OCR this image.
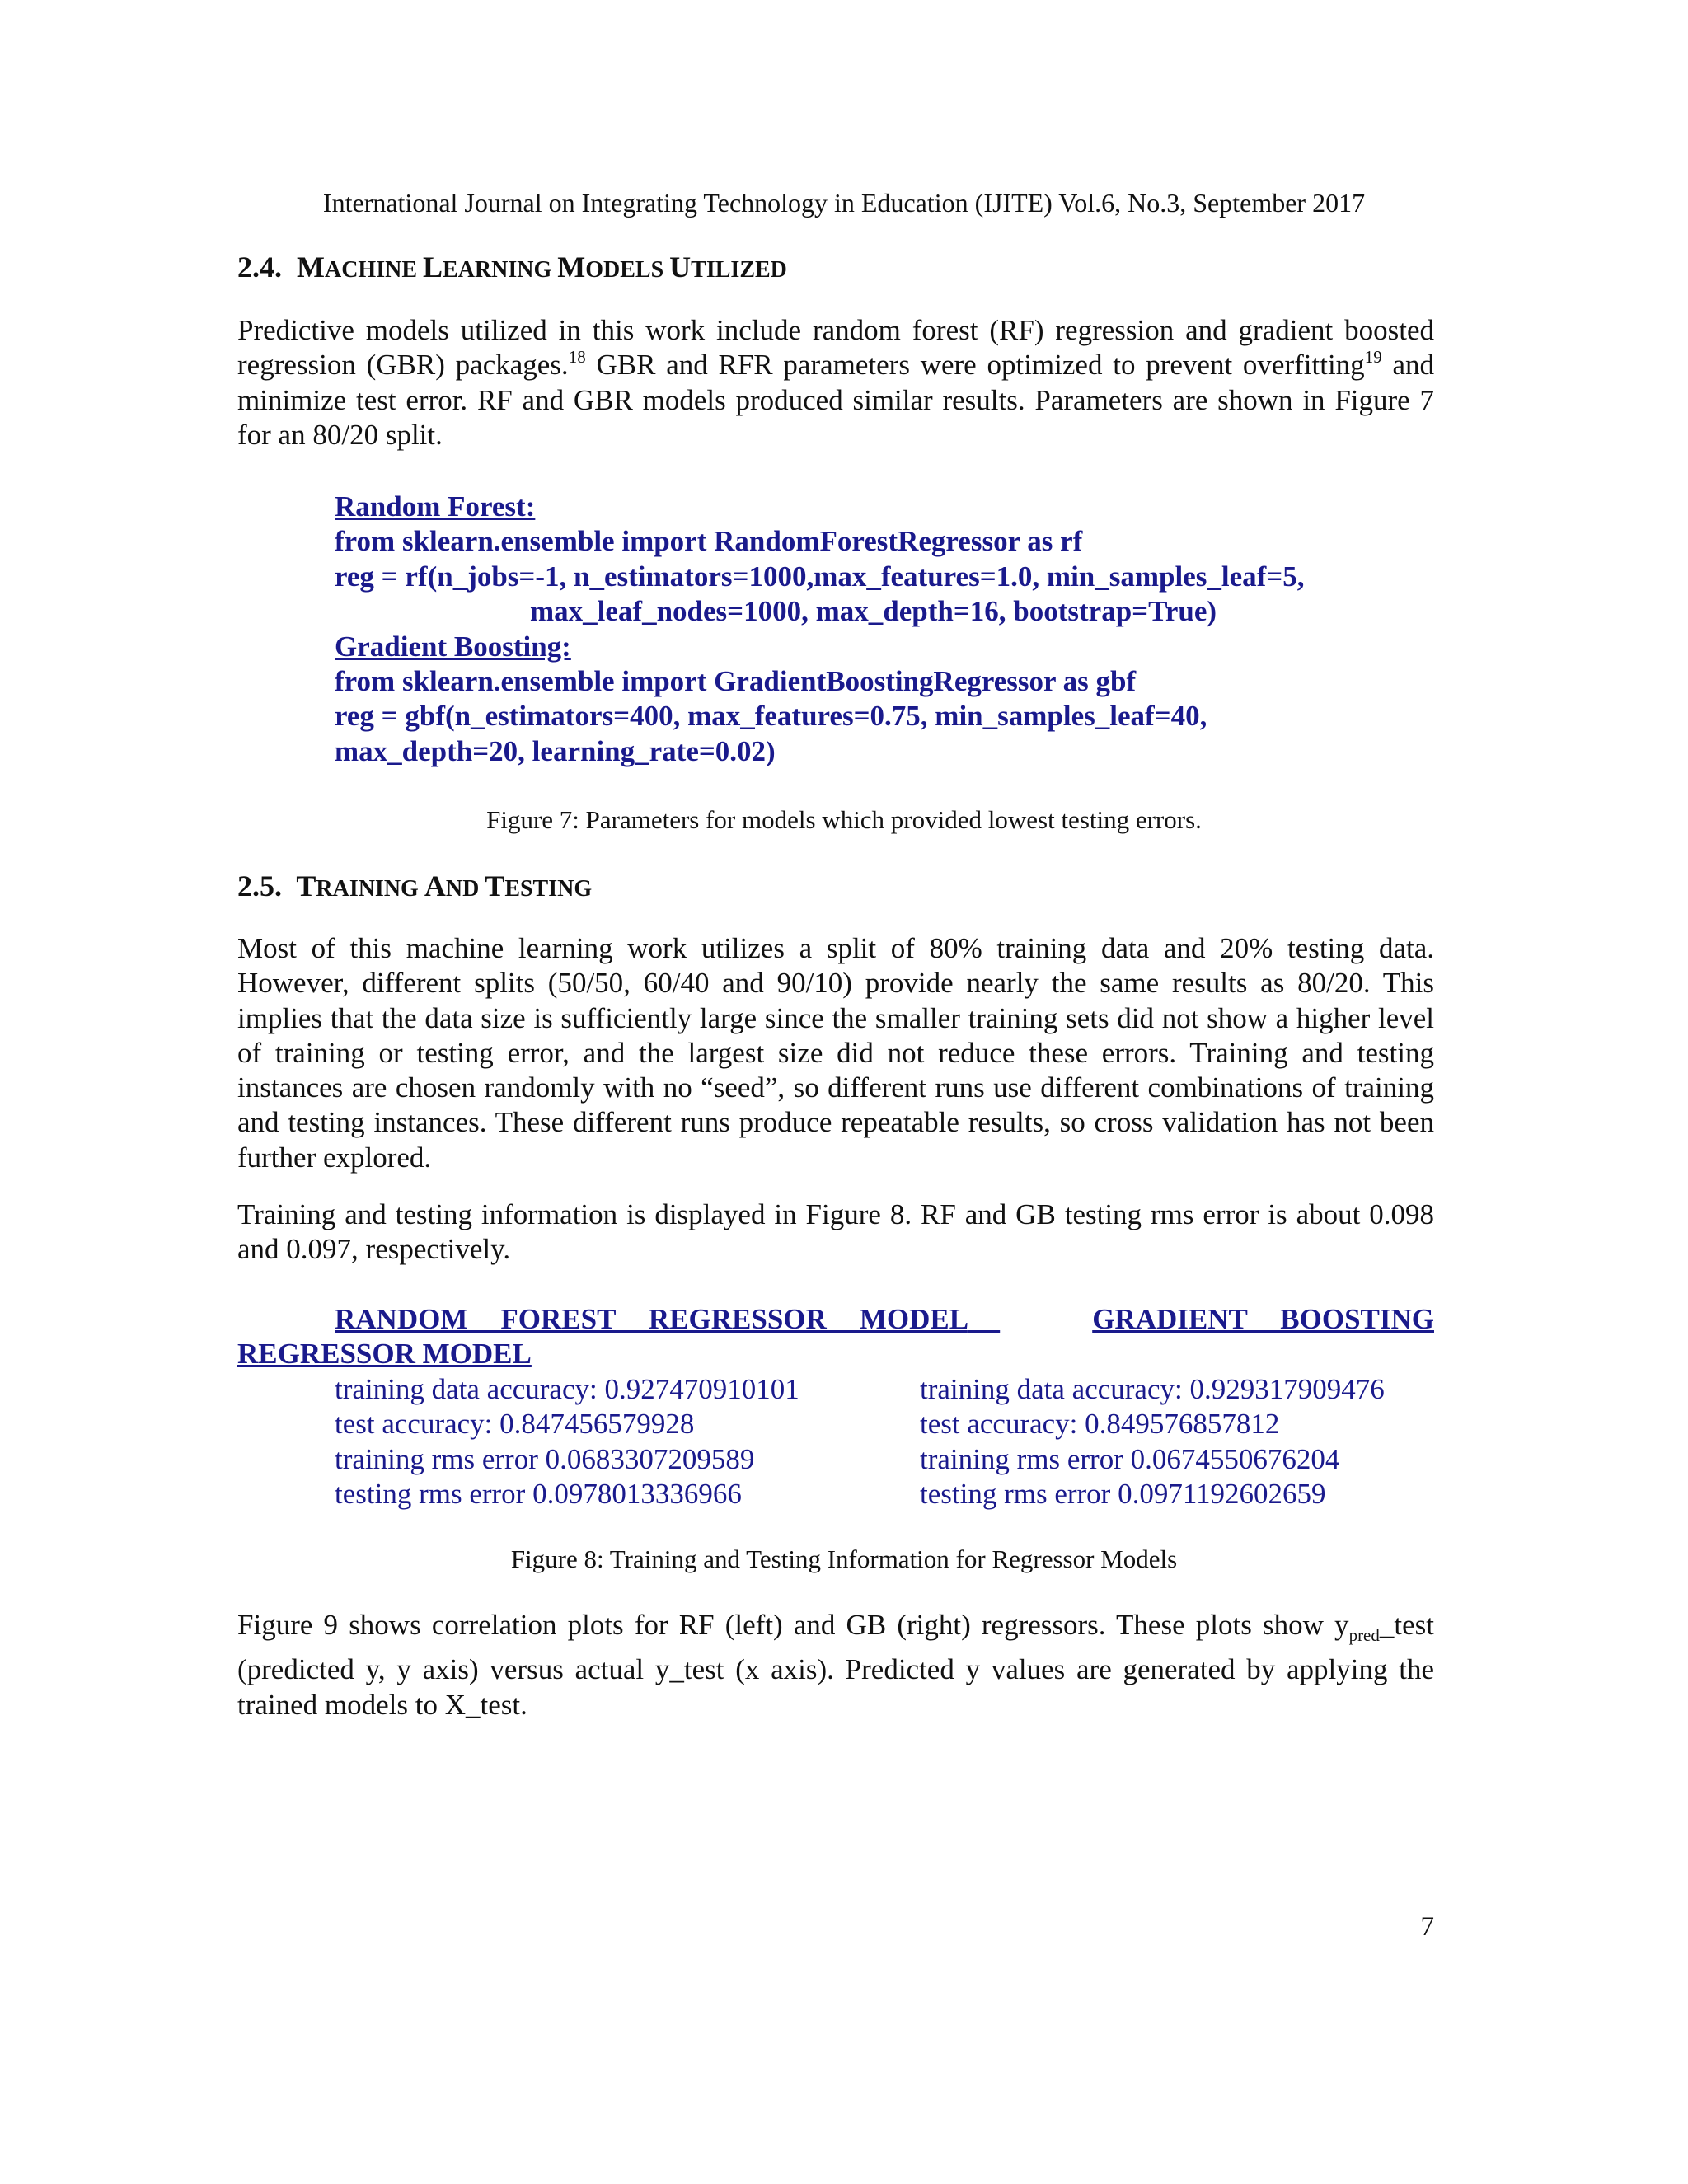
International Journal on Integrating Technology in Education (IJITE) Vol.6, No.3, September 2017
2.4. MACHINE LEARNING MODELS UTILIZED
Predictive models utilized in this work include random forest (RF) regression and gradient boosted regression (GBR) packages.$^{18}$ GBR and RFR parameters were optimized to prevent overfitting$^{19}$ and minimize test error. RF and GBR models produced similar results. Parameters are shown in Figure 7 for an 80/20 split.
Random Forest:
from sklearn.ensemble import RandomForestRegressor as rf
reg = rf(n_jobs=-1, n_estimators=1000,max_features=1.0, min_samples_leaf=5,
max_leaf_nodes=1000, max_depth=16, bootstrap=True)
Gradient Boosting:
from sklearn.ensemble import GradientBoostingRegressor as gbf
reg = gbf(n_estimators=400, max_features=0.75, min_samples_leaf=40,
max_depth=20, learning_rate=0.02)
Figure 7: Parameters for models which provided lowest testing errors.
2.5. TRAINING AND TESTING
Most of this machine learning work utilizes a split of 80% training data and 20% testing data. However, different splits (50/50, 60/40 and 90/10) provide nearly the same results as 80/20. This implies that the data size is sufficiently large since the smaller training sets did not show a higher level of training or testing error, and the largest size did not reduce these errors. Training and testing instances are chosen randomly with no “seed”, so different runs use different combinations of training and testing instances. These different runs produce repeatable results, so cross validation has not been further explored.
Training and testing information is displayed in Figure 8. RF and GB testing rms error is about 0.098 and 0.097, respectively.
RANDOM FOREST REGRESSOR MODEL	GRADIENT BOOSTING REGRESSOR MODEL
training data accuracy: 0.927470910101
test accuracy: 0.847456579928
training rms error 0.0683307209589
testing rms error 0.0978013336966
training data accuracy: 0.929317909476
test accuracy: 0.849576857812
training rms error 0.0674550676204
testing rms error 0.0971192602659
Figure 8: Training and Testing Information for Regressor Models
Figure 9 shows correlation plots for RF (left) and GB (right) regressors. These plots show $y_{pred}\_test$ (predicted y, y axis) versus actual y_test (x axis). Predicted y values are generated by applying the trained models to X_test.
7
